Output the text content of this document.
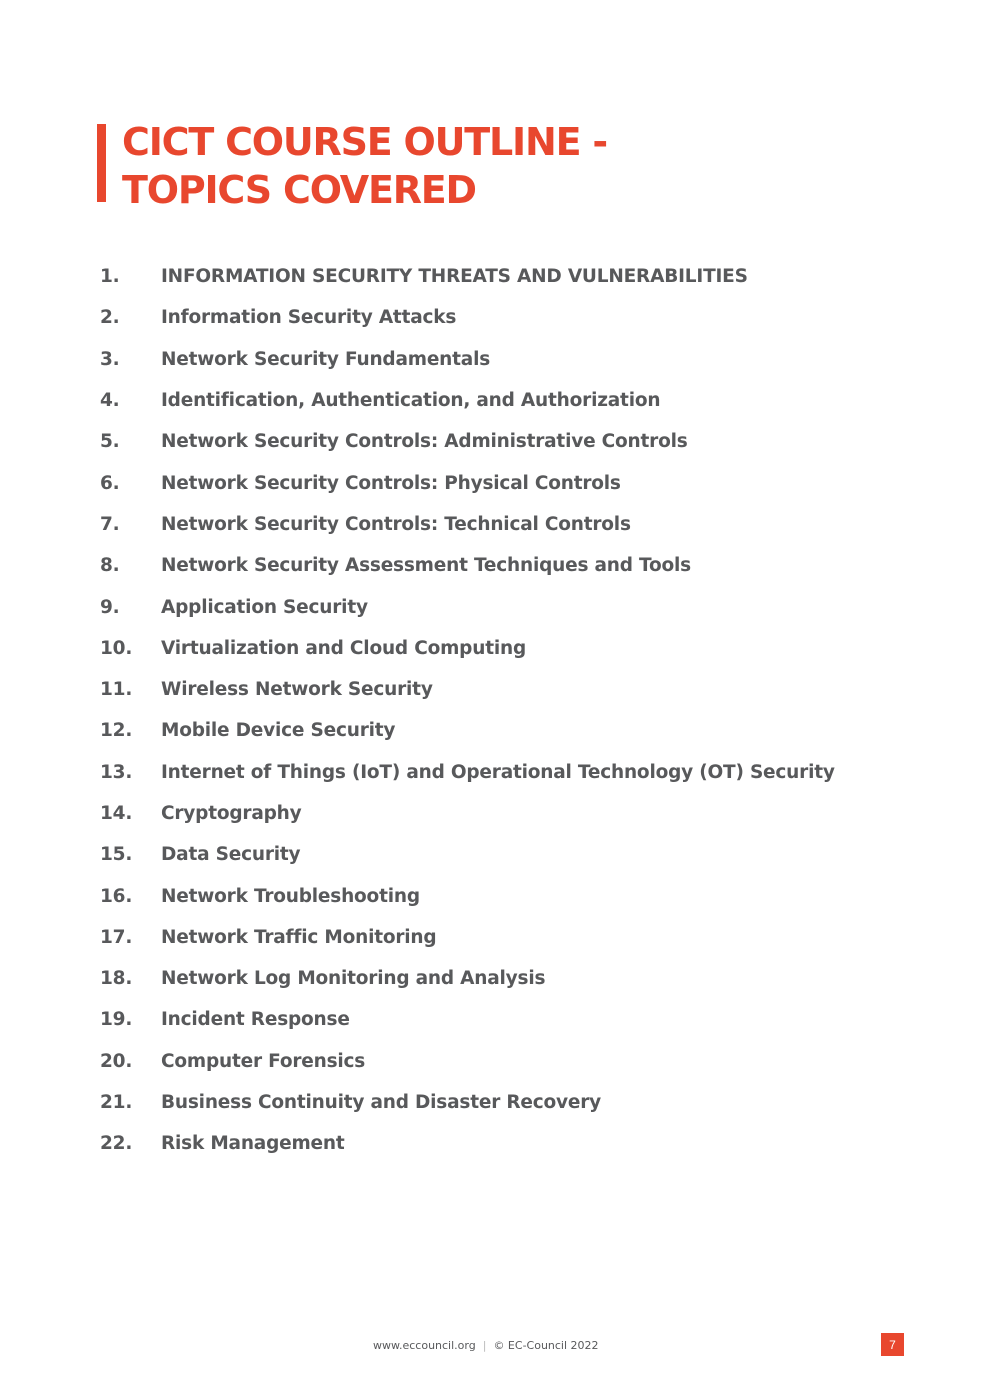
CICT COURSE OUTLINE -
TOPICS COVERED
1.	INFORMATION SECURITY THREATS AND VULNERABILITIES
2.	Information Security Attacks
3.	Network Security Fundamentals
4.	Identification, Authentication, and Authorization
5.	Network Security Controls: Administrative Controls
6.	Network Security Controls: Physical Controls
7.	Network Security Controls: Technical Controls
8.	Network Security Assessment Techniques and Tools
9.	Application Security
10.	Virtualization and Cloud Computing
11.	Wireless Network Security
12.	Mobile Device Security
13.	Internet of Things (IoT) and Operational Technology (OT) Security
14.	Cryptography
15.	Data Security
16.	Network Troubleshooting
17.	Network Traffic Monitoring
18.	Network Log Monitoring and Analysis
19.	Incident Response
20.	Computer Forensics
21.	Business Continuity and Disaster Recovery
22.	Risk Management
www.eccouncil.org | © EC-Council 2022	7
